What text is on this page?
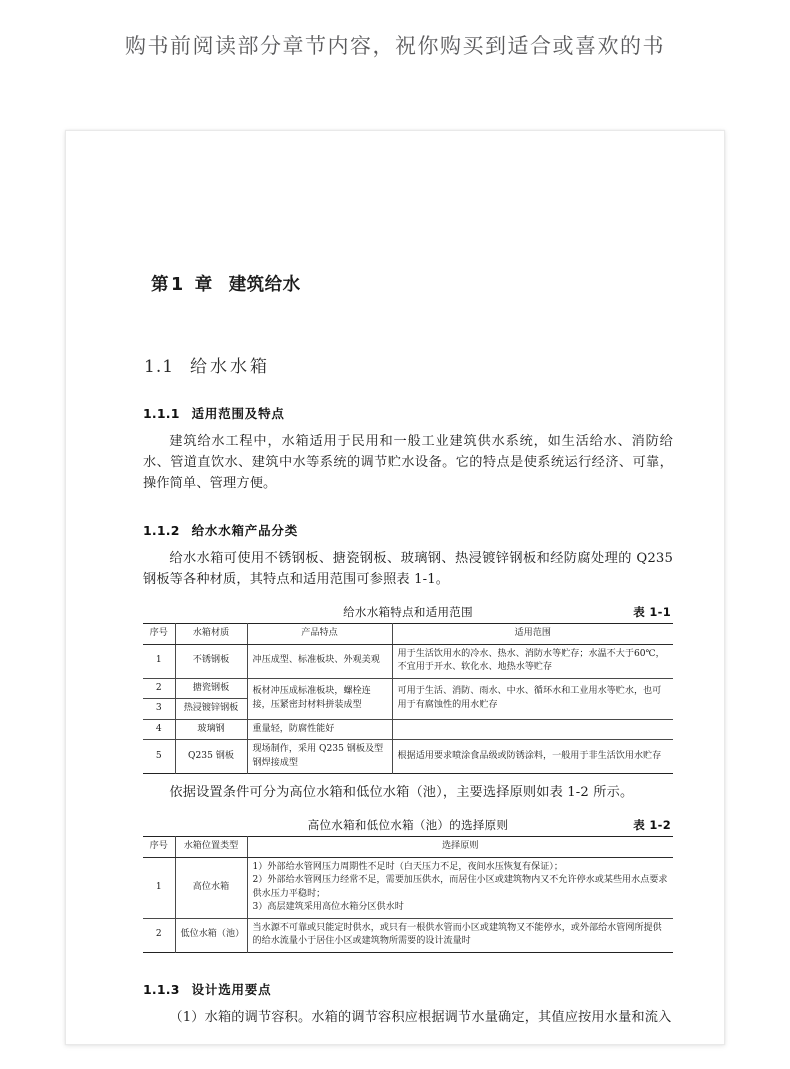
购书前阅读部分章节内容，祝你购买到适合或喜欢的书
第 1 章 建筑给水
1.1 给水水箱
1.1.1 适用范围及特点

建筑给水工程中，水箱适用于民用和一般工业建筑供水系统，如生活给水、消防给水、管道直饮水、建筑中水等系统的调节贮水设备。它的特点是使系统运行经济、可靠，操作简单、管理方便。

1.1.2 给水水箱产品分类

给水水箱可使用不锈钢板、搪瓷钢板、玻璃钢、热浸镀锌钢板和经防腐处理的 Q235 钢板等各种材质，其特点和适用范围可参照表 1-1。

给水水箱特点和适用范围	表 1-1
序号	水箱材质	产品特点	适用范围
1	不锈钢板	冲压成型、标准板块、外观美观	用于生活饮用水的冷水、热水、消防水等贮存；水温不大于60℃，不宜用于开水、软化水、地热水等贮存
2	搪瓷钢板	板材冲压成标准板块，螺栓连接，压紧密封材料拼装成型	可用于生活、消防、雨水、中水、循环水和工业用水等贮水，也可用于有腐蚀性的用水贮存
3	热浸镀锌钢板		
4	玻璃钢	重量轻，防腐性能好	
5	Q235 钢板	现场制作，采用 Q235 钢板及型钢焊接成型	根据适用要求喷涂食品级或防锈涂料，一般用于非生活饮用水贮存

依据设置条件可分为高位水箱和低位水箱（池），主要选择原则如表 1-2 所示。

高位水箱和低位水箱（池）的选择原则	表 1-2
序号	水箱位置类型	选择原则
1	高位水箱	1）外部给水管网压力周期性不足时（白天压力不足，夜间水压恢复有保证）；
2）外部给水管网压力经常不足，需要加压供水，而居住小区或建筑物内又不允许停水或某些用水点要求供水压力平稳时；
3）高层建筑采用高位水箱分区供水时

2	低位水箱（池）	当水源不可靠或只能定时供水，或只有一根供水管而小区或建筑物又不能停水，或外部给水管网所提供的给水流量小于居住小区或建筑物所需要的设计流量时
1.1.3 设计选用要点

（1）水箱的调节容积。水箱的调节容积应根据调节水量确定，其值应按用水量和流入
